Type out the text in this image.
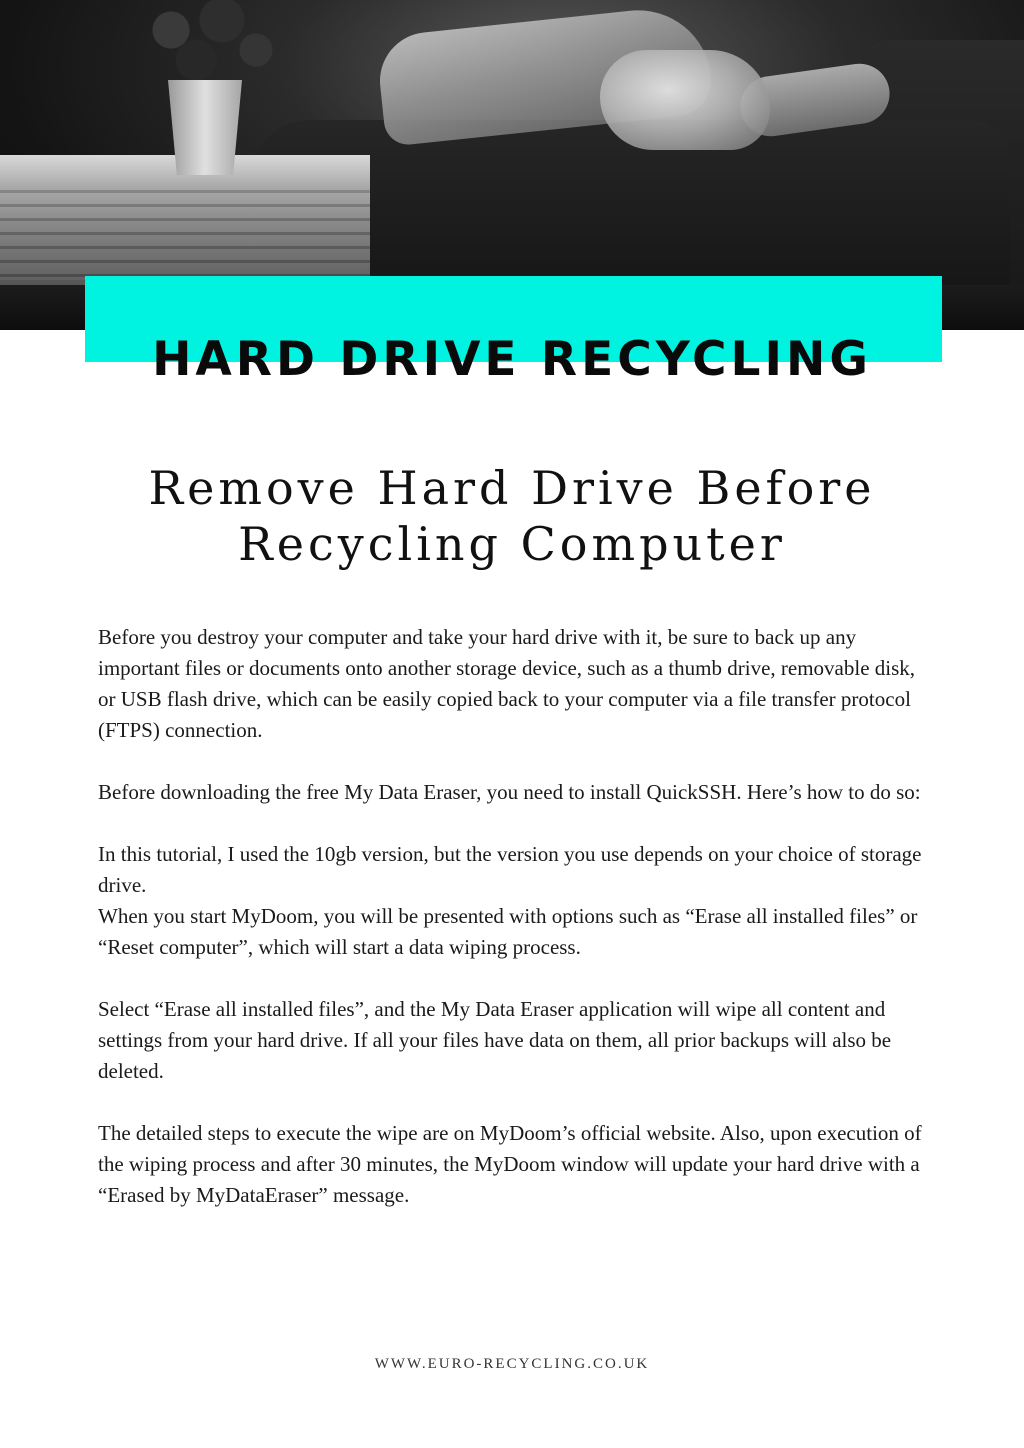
HARD DRIVE RECYCLING
Remove Hard Drive Before
Recycling Computer

Before you destroy your computer and take your hard drive with it, be sure to back up any important files or documents onto another storage device, such as a thumb drive, removable disk, or USB flash drive, which can be easily copied back to your computer via a file transfer protocol (FTPS) connection.

Before downloading the free My Data Eraser, you need to install QuickSSH. Here’s how to do so:

In this tutorial, I used the 10gb version, but the version you use depends on your choice of storage drive.

When you start MyDoom, you will be presented with options such as “Erase all installed files” or “Reset computer”, which will start a data wiping process.

Select “Erase all installed files”, and the My Data Eraser application will wipe all content and settings from your hard drive. If all your files have data on them, all prior backups will also be deleted.

The detailed steps to execute the wipe are on MyDoom’s official website. Also, upon execution of the wiping process and after 30 minutes, the MyDoom window will update your hard drive with a “Erased by MyDataEraser” message.

WWW.EURO-RECYCLING.CO.UK
